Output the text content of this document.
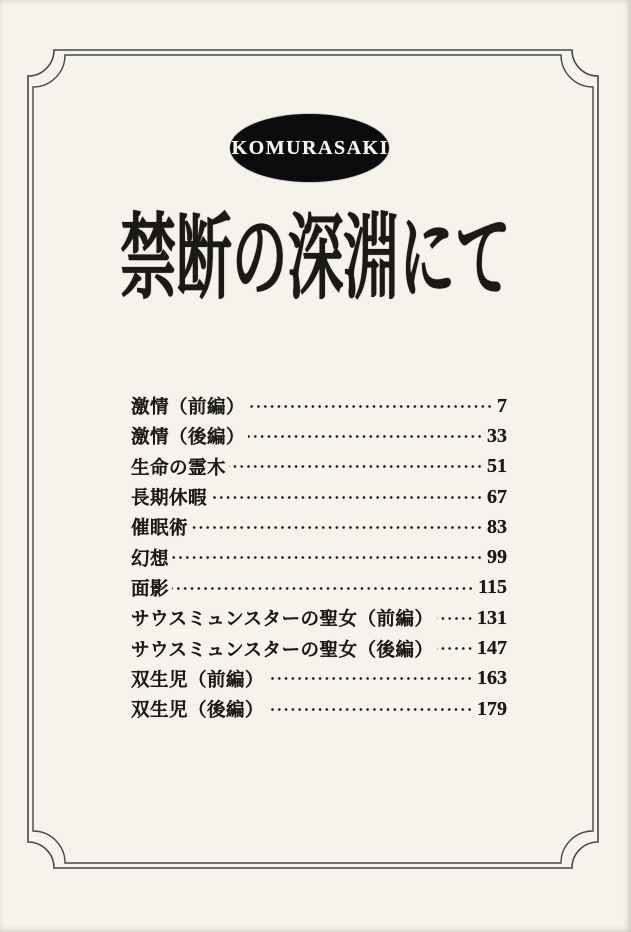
KOMURASAKI
禁断の深淵にて
激情（前編）	7
激情（後編）	33
生命の霊木	51
長期休暇	67
催眠術	83
幻想	99
面影	115
サウスミュンスターの聖女（前編） 131
サウスミュンスターの聖女（後編） 147
双生児（前編）	163
双生児（後編）	179
